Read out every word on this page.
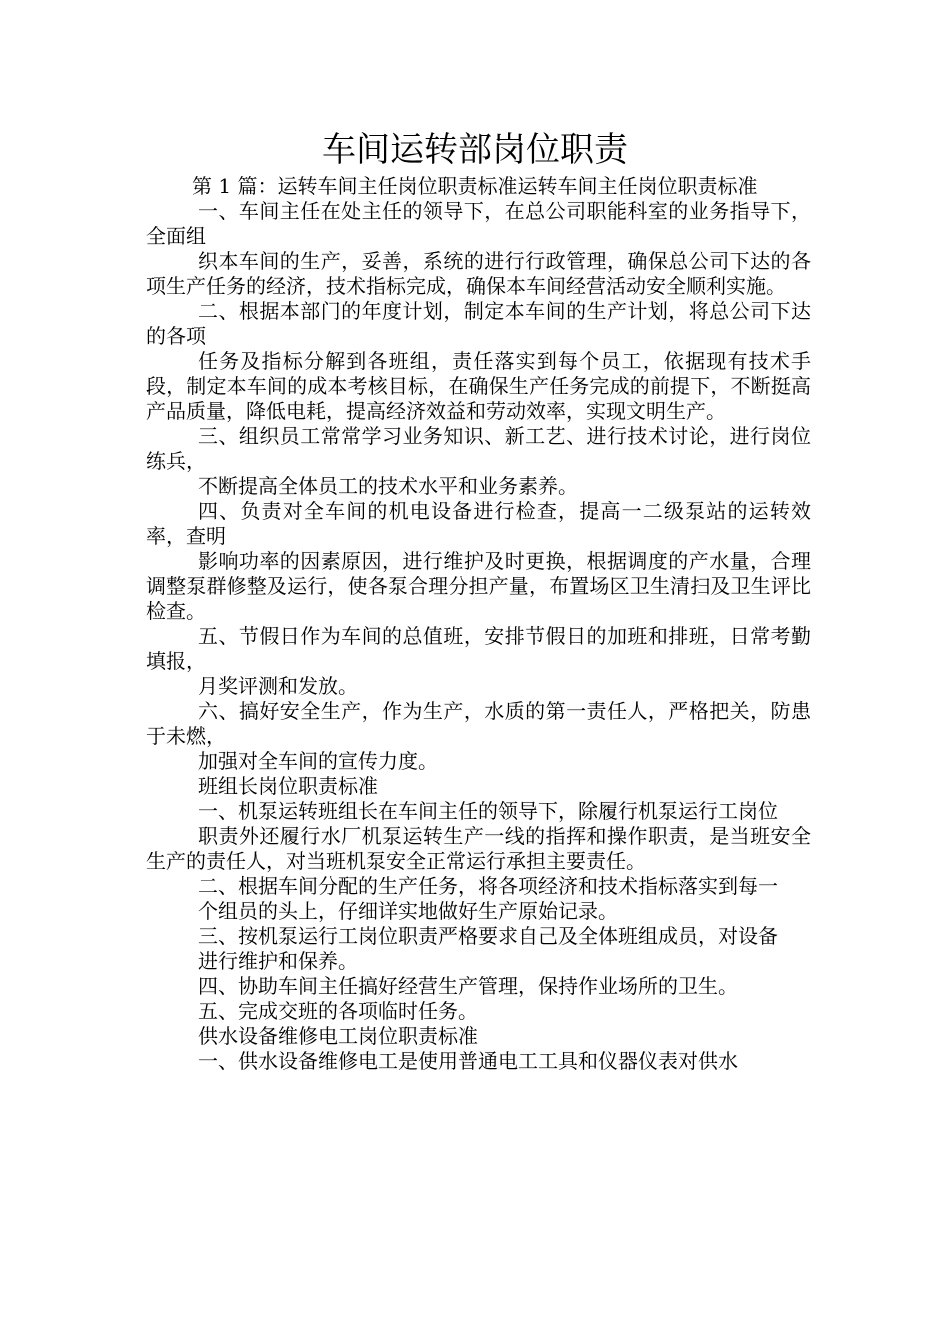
车间运转部岗位职责

第 1 篇：运转车间主任岗位职责标准运转车间主任岗位职责标准

一、车间主任在处主任的领导下，在总公司职能科室的业务指导下，全面组

织本车间的生产，妥善，系统的进行行政管理，确保总公司下达的各项生产任务的经济，技术指标完成，确保本车间经营活动安全顺利实施。

二、根据本部门的年度计划，制定本车间的生产计划，将总公司下达的各项

任务及指标分解到各班组，责任落实到每个员工，依据现有技术手段，制定本车间的成本考核目标，在确保生产任务完成的前提下，不断挺高产品质量，降低电耗，提高经济效益和劳动效率，实现文明生产。

三、组织员工常常学习业务知识、新工艺、进行技术讨论，进行岗位练兵，

不断提高全体员工的技术水平和业务素养。

四、负责对全车间的机电设备进行检查，提高一二级泵站的运转效率，查明

影响功率的因素原因，进行维护及时更换，根据调度的产水量，合理调整泵群修整及运行，使各泵合理分担产量，布置场区卫生清扫及卫生评比检查。

五、节假日作为车间的总值班，安排节假日的加班和排班，日常考勤填报，

月奖评测和发放。

六、搞好安全生产，作为生产，水质的第一责任人，严格把关，防患于未燃，

加强对全车间的宣传力度。

班组长岗位职责标准

一、机泵运转班组长在车间主任的领导下，除履行机泵运行工岗位

职责外还履行水厂机泵运转生产一线的指挥和操作职责，是当班安全生产的责任人，对当班机泵安全正常运行承担主要责任。

二、根据车间分配的生产任务，将各项经济和技术指标落实到每一

个组员的头上，仔细详实地做好生产原始记录。

三、按机泵运行工岗位职责严格要求自己及全体班组成员，对设备

进行维护和保养。

四、协助车间主任搞好经营生产管理，保持作业场所的卫生。

五、完成交班的各项临时任务。

供水设备维修电工岗位职责标准

一、供水设备维修电工是使用普通电工工具和仪器仪表对供水
